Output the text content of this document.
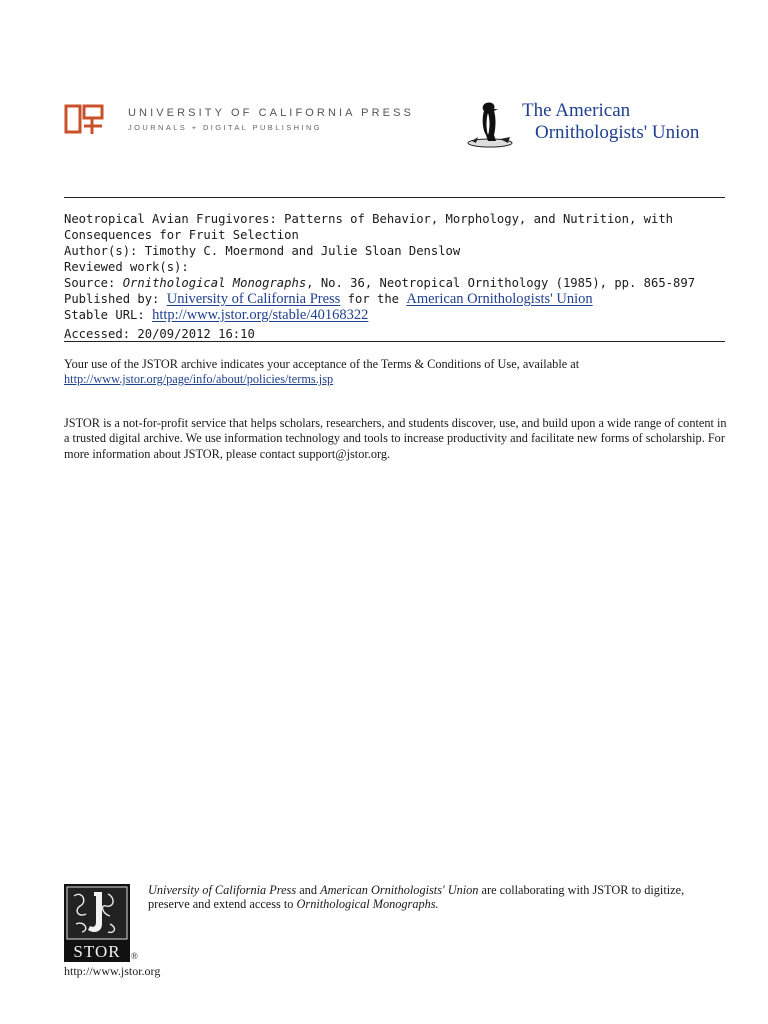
UNIVERSITY OF CALIFORNIA PRESS
JOURNALS + DIGITAL PUBLISHING
The American
Ornithologists' Union
Neotropical Avian Frugivores: Patterns of Behavior, Morphology, and Nutrition, with Consequences for Fruit Selection
Author(s): Timothy C. Moermond and Julie Sloan Denslow
Reviewed work(s):
Source: Ornithological Monographs, No. 36, Neotropical Ornithology (1985), pp. 865-897
Published by: University of California Press for the American Ornithologists' Union
Stable URL: http://www.jstor.org/stable/40168322
Accessed: 20/09/2012 16:10
Your use of the JSTOR archive indicates your acceptance of the Terms & Conditions of Use, available at
http://www.jstor.org/page/info/about/policies/terms.jsp
JSTOR is a not-for-profit service that helps scholars, researchers, and students discover, use, and build upon a wide range of content in a trusted digital archive. We use information technology and tools to increase productivity and facilitate new forms of scholarship. For more information about JSTOR, please contact support@jstor.org.
STOR ®
http://www.jstor.org
University of California Press and American Ornithologists' Union are collaborating with JSTOR to digitize, preserve and extend access to Ornithological Monographs.
